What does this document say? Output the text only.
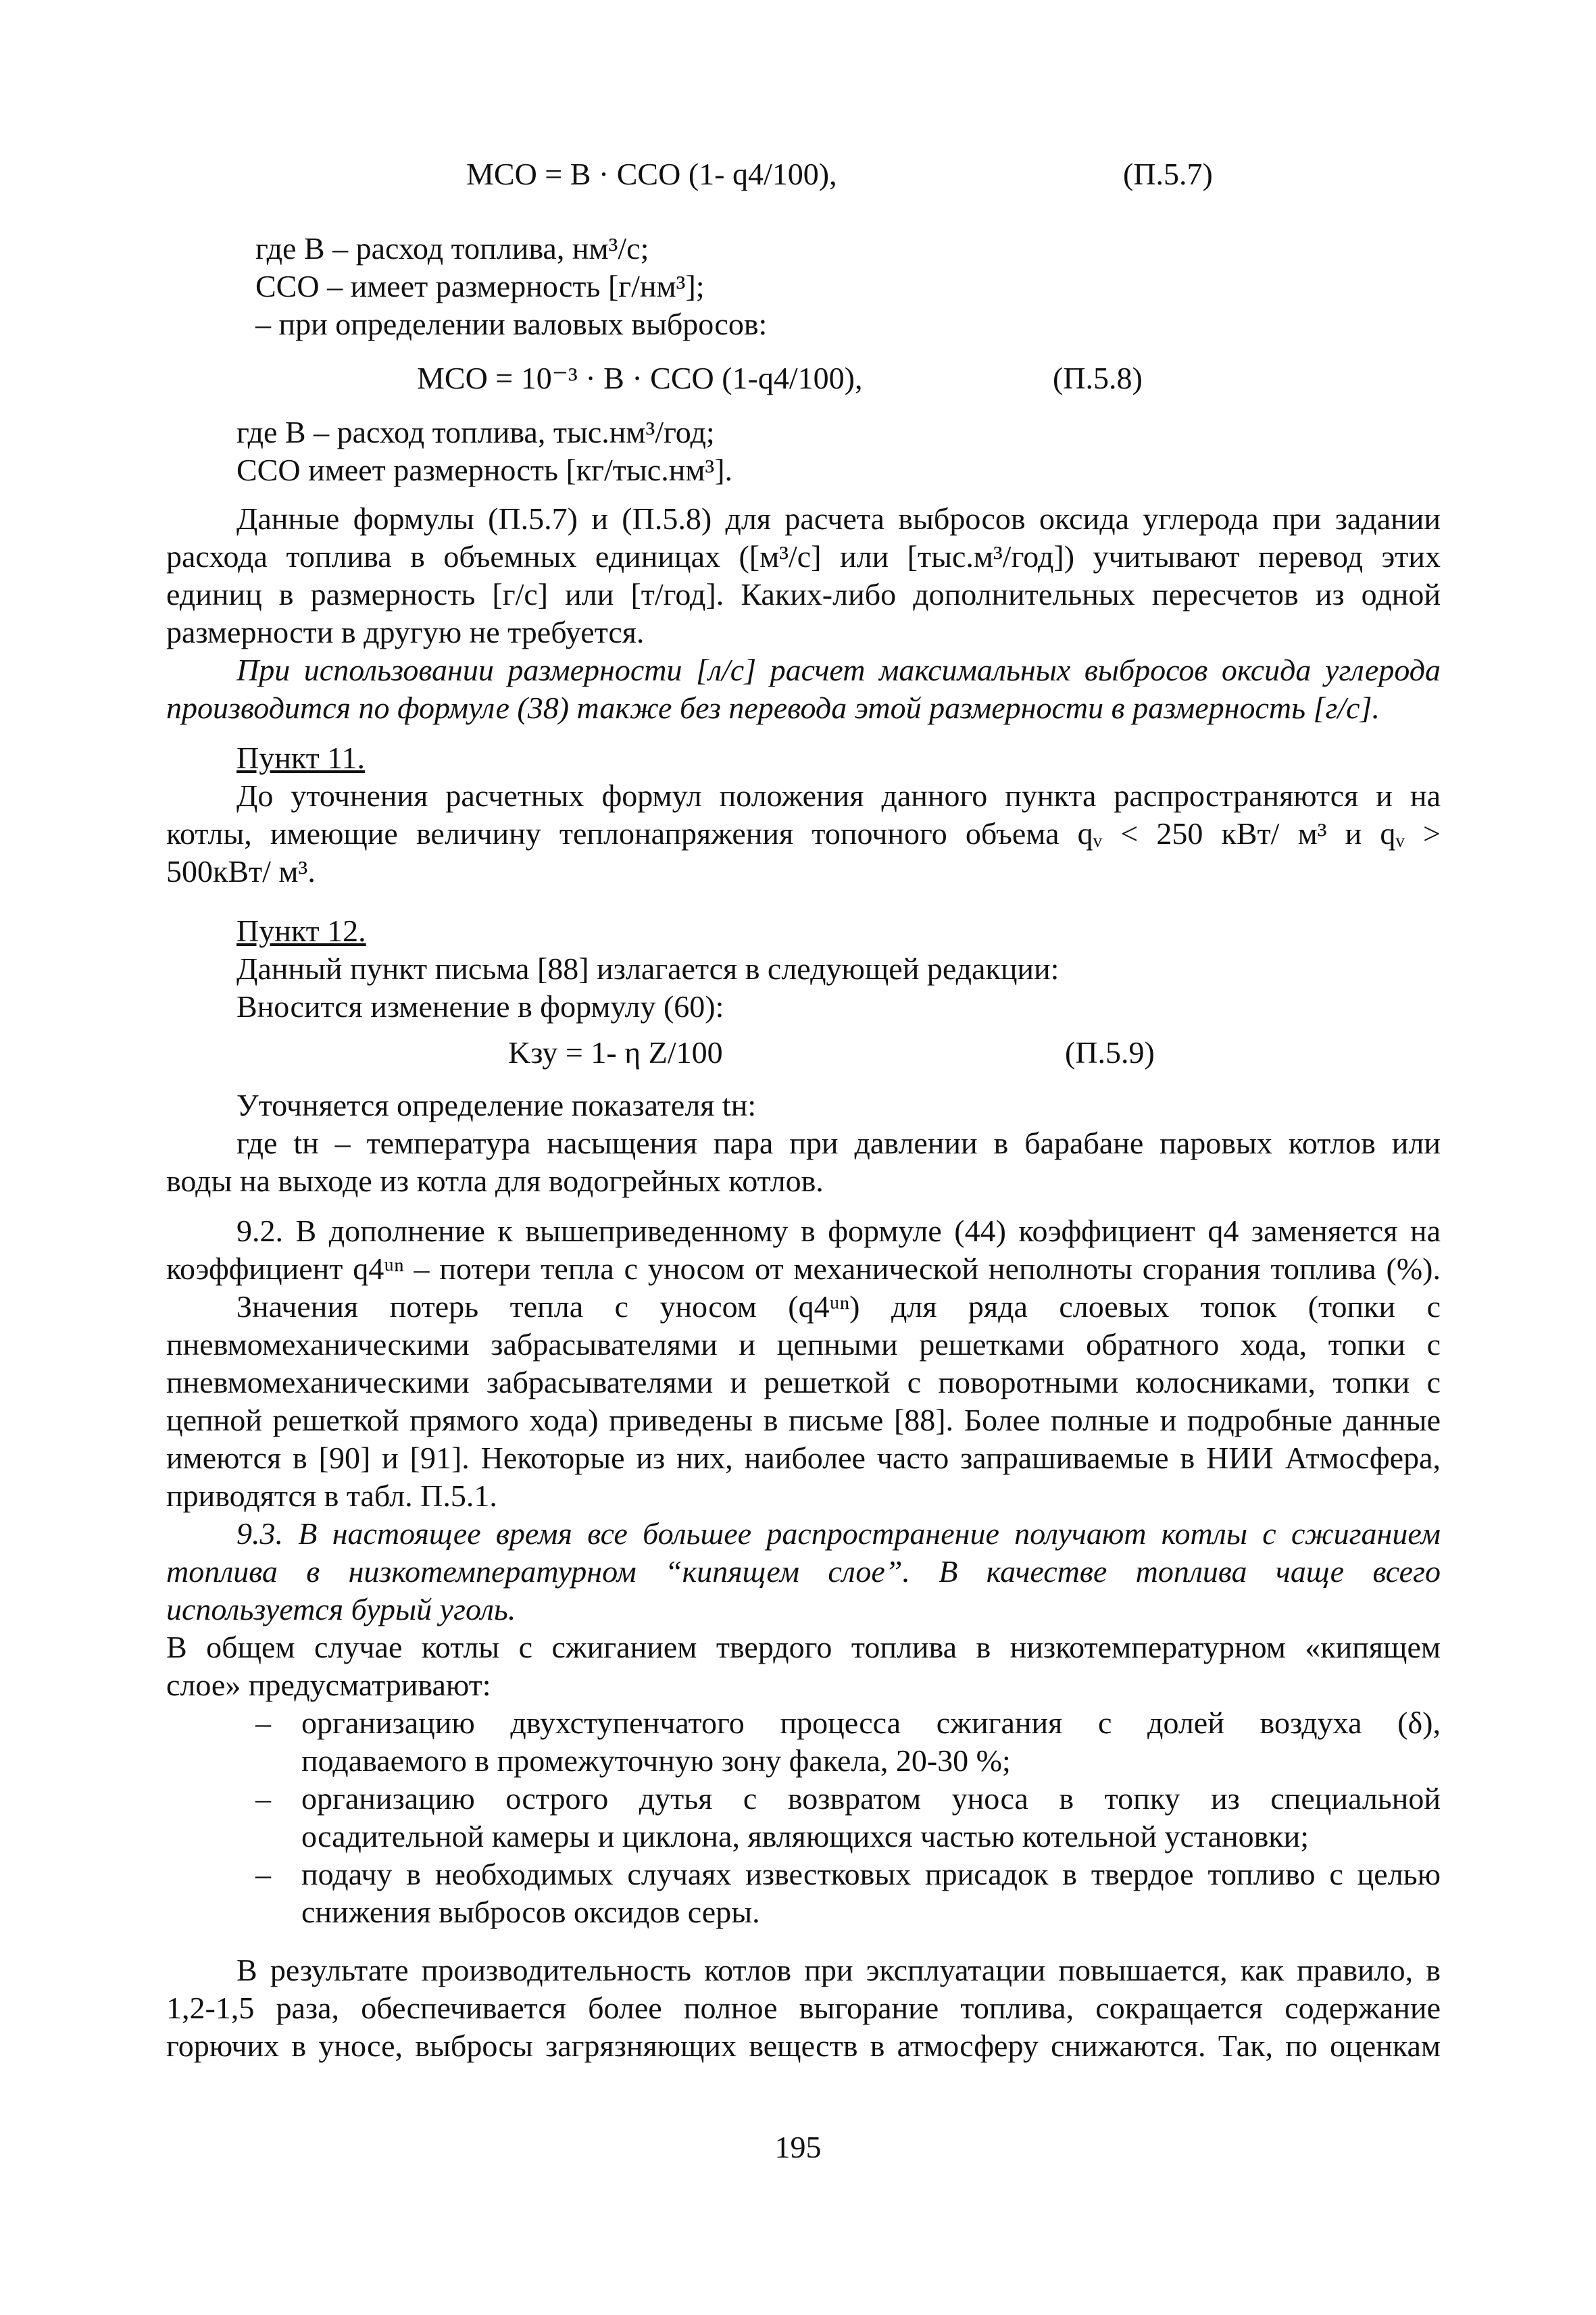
MСО = B · CСО (1- q4/100),	(П.5.7)
где B – расход топлива, нм³/с;
CСО – имеет размерность [г/нм³];
– при определении валовых выбросов:
MСО = 10⁻³ · B · CСО (1-q4/100),	(П.5.8)
где B – расход топлива, тыс.нм³/год;
CСО имеет размерность [кг/тыс.нм³].
Данные формулы (П.5.7) и (П.5.8) для расчета выбросов оксида углерода при задании
расхода топлива в объемных единицах ([м³/с] или [тыс.м³/год]) учитывают перевод этих
единиц в размерность [г/с] или [т/год]. Каких-либо дополнительных пересчетов из одной
размерности в другую не требуется.
При использовании размерности [л/с] расчет максимальных выбросов оксида углерода
производится по формуле (38) также без перевода этой размерности в размерность [г/с].
Пункт 11.
До уточнения расчетных формул положения данного пункта распространяются и на
котлы, имеющие величину теплонапряжения топочного объема qᵥ < 250 кВт/ м³ и qᵥ >
500кВт/ м³.
Пункт 12.
Данный пункт письма [88] излагается в следующей редакции:
Вносится изменение в формулу (60):
Kзу = 1- η Z/100	(П.5.9)
Уточняется определение показателя tн:
где tн – температура насыщения пара при давлении в барабане паровых котлов или
воды на выходе из котла для водогрейных котлов.
9.2. В дополнение к вышеприведенному в формуле (44) коэффициент q4 заменяется на
коэффициент q4ᵘⁿ – потери тепла с уносом от механической неполноты сгорания топлива (%).
Значения потерь тепла с уносом (q4ᵘⁿ) для ряда слоевых топок (топки с
пневмомеханическими забрасывателями и цепными решетками обратного хода, топки с
пневмомеханическими забрасывателями и решеткой с поворотными колосниками, топки с
цепной решеткой прямого хода) приведены в письме [88]. Более полные и подробные данные
имеются в [90] и [91]. Некоторые из них, наиболее часто запрашиваемые в НИИ Атмосфера,
приводятся в табл. П.5.1.
9.3. В настоящее время все большее распространение получают котлы с сжиганием
топлива в низкотемпературном “кипящем слое”. В качестве топлива чаще всего
используется бурый уголь.
В общем случае котлы с сжиганием твердого топлива в низкотемпературном «кипящем
слое» предусматривают:
– организацию двухступенчатого процесса сжигания с долей воздуха (δ),
подаваемого в промежуточную зону факела, 20-30 %;
– организацию острого дутья с возвратом уноса в топку из специальной
осадительной камеры и циклона, являющихся частью котельной установки;
– подачу в необходимых случаях известковых присадок в твердое топливо с целью
снижения выбросов оксидов серы.
В результате производительность котлов при эксплуатации повышается, как правило, в
1,2-1,5 раза, обеспечивается более полное выгорание топлива, сокращается содержание
горючих в уносе, выбросы загрязняющих веществ в атмосферу снижаются. Так, по оценкам
195
